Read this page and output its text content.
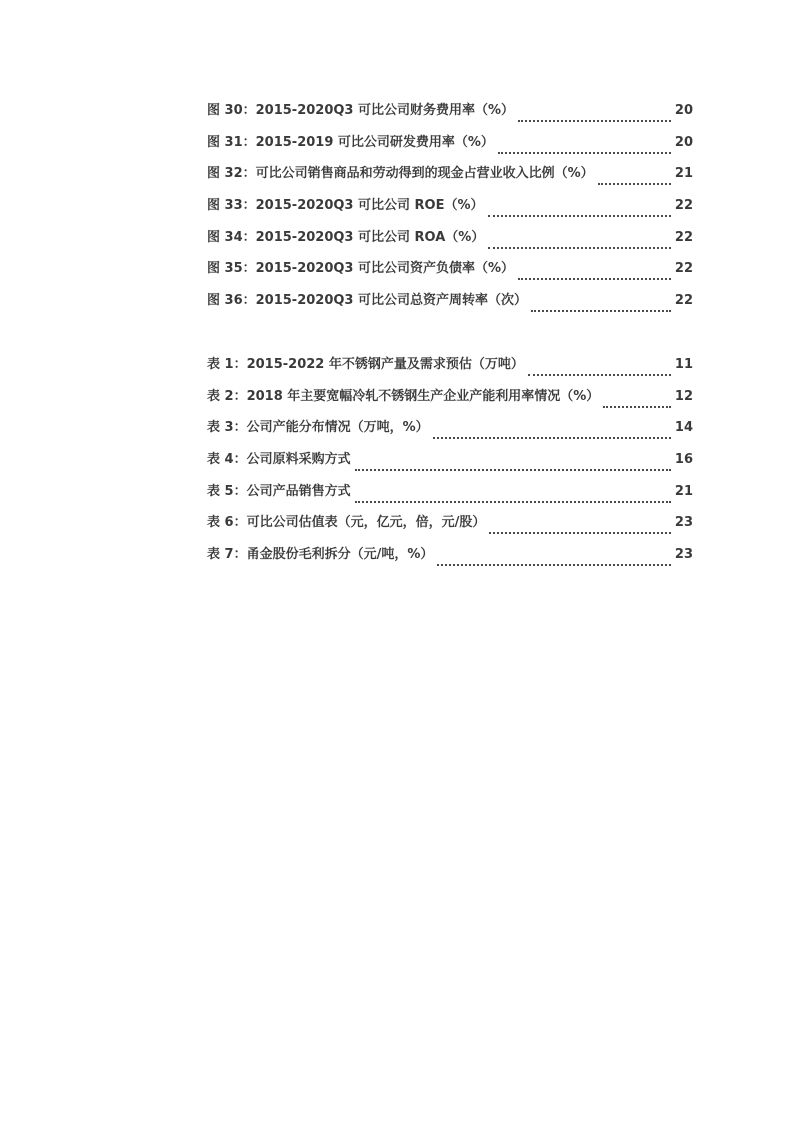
图 30：2015-2020Q3 可比公司财务费用率（%）	20
图 31：2015-2019 可比公司研发费用率（%）	20
图 32：可比公司销售商品和劳动得到的现金占营业收入比例（%）	21
图 33：2015-2020Q3 可比公司 ROE（%）	22
图 34：2015-2020Q3 可比公司 ROA（%）	22
图 35：2015-2020Q3 可比公司资产负债率（%）	22
图 36：2015-2020Q3 可比公司总资产周转率（次）	22
表 1：2015-2022 年不锈钢产量及需求预估（万吨）	11
表 2：2018 年主要宽幅冷轧不锈钢生产企业产能利用率情况（%）	12
表 3：公司产能分布情况（万吨，%）	14
表 4：公司原料采购方式	16
表 5：公司产品销售方式	21
表 6：可比公司估值表（元，亿元，倍，元/股）	23
表 7：甬金股份毛利拆分（元/吨，%）	23
